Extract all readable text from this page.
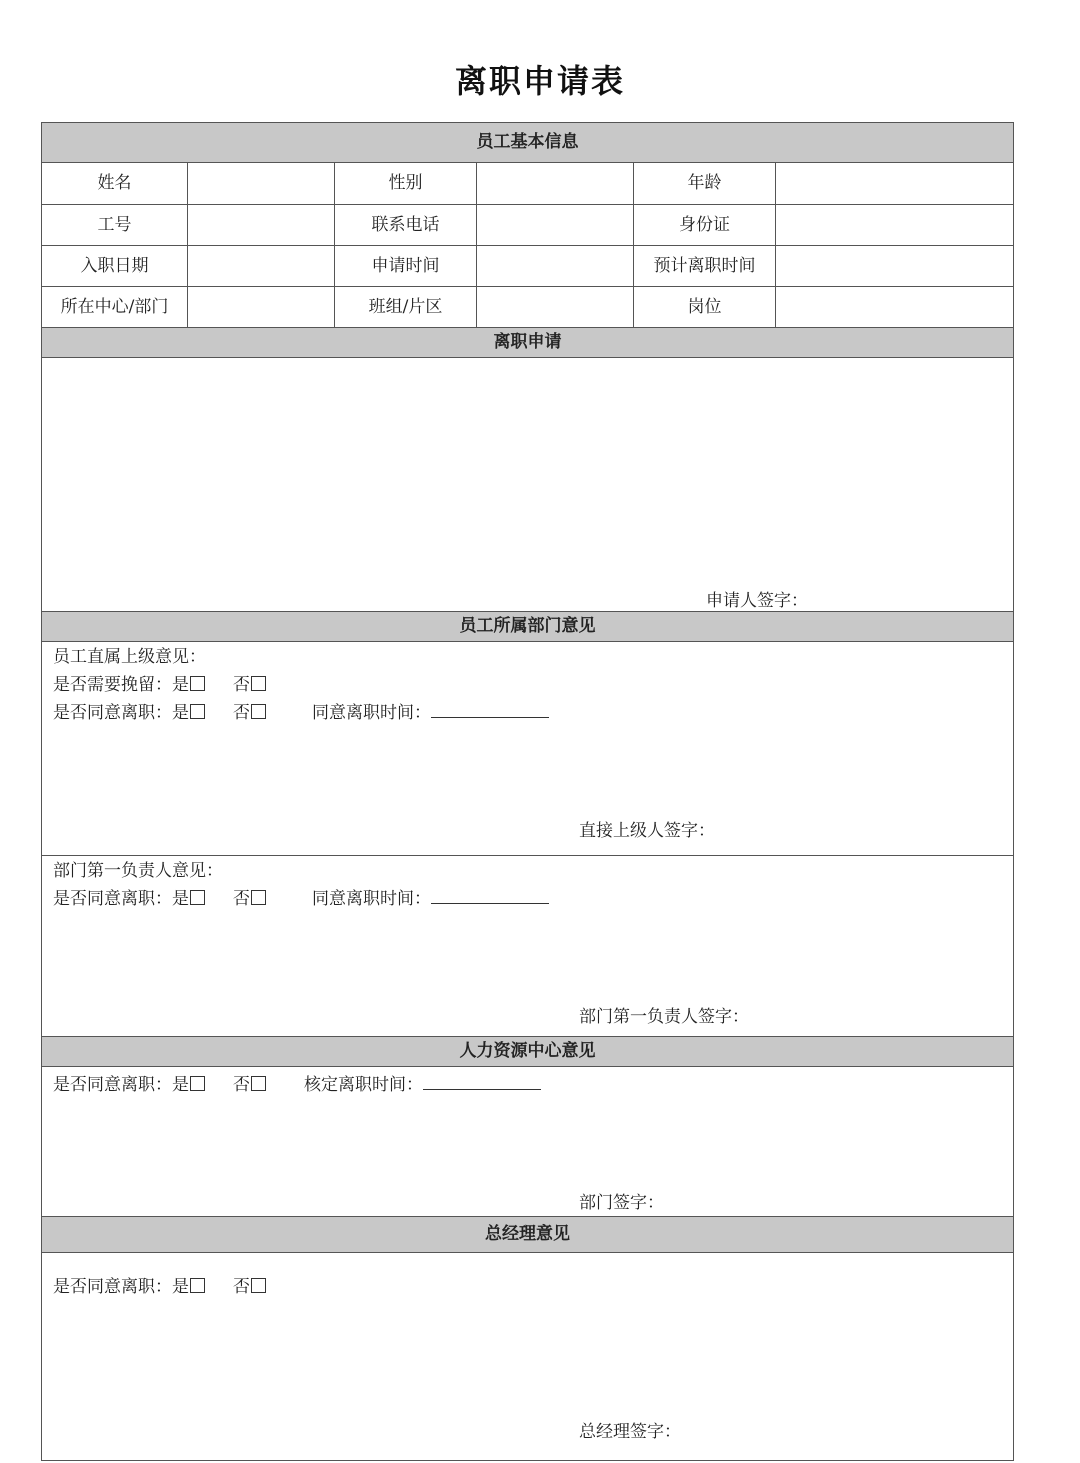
离职申请表
员工基本信息
姓名	性别	年龄
工号	联系电话	身份证
入职日期	申请时间	预计离职时间
所在中心/部门	班组/片区	岗位
离职申请
申请人签字：
员工所属部门意见
员工直属上级意见：
是否需要挽留：是	否
是否同意离职：是	否	同意离职时间：
直接上级人签字：
部门第一负责人意见：
是否同意离职：是	否	同意离职时间：
部门第一负责人签字：
人力资源中心意见
是否同意离职：是	否	核定离职时间：
部门签字：
总经理意见
是否同意离职：是	否
总经理签字：
